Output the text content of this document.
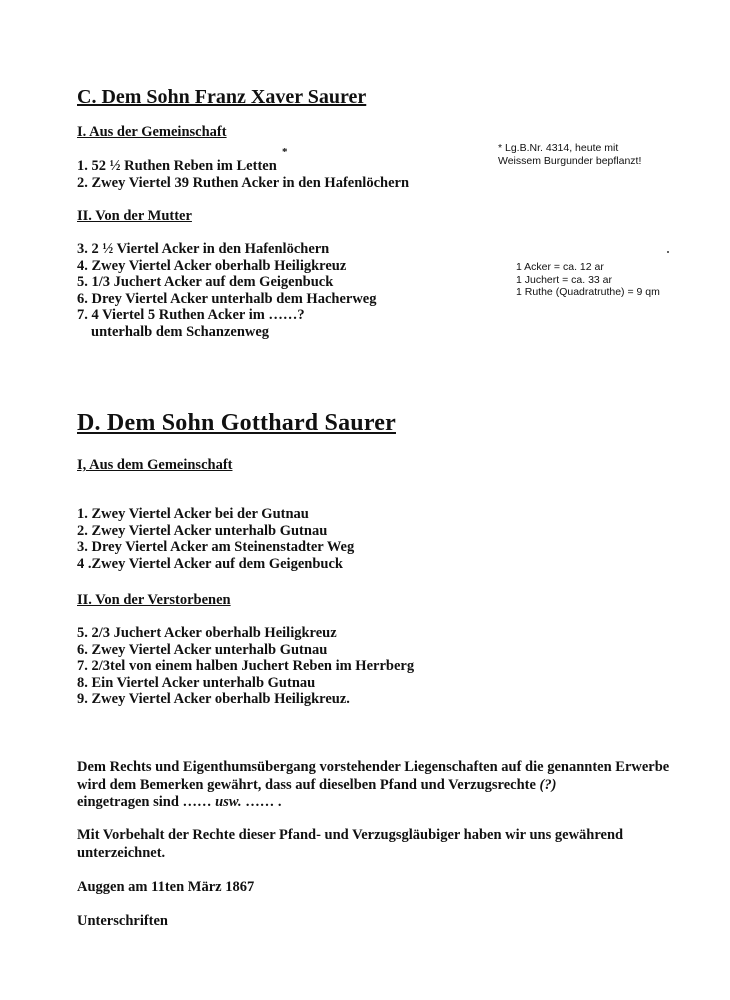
C. Dem Sohn Franz Xaver Saurer
I. Aus der Gemeinschaft
1. 52 ½ Ruthen Reben im Letten
*
2. Zwey Viertel 39 Ruthen Acker in den Hafenlöchern
* Lg.B.Nr. 4314, heute mit
Weissem Burgunder bepflanzt!
II. Von der Mutter
3. 2 ½ Viertel Acker in den Hafenlöchern
4. Zwey Viertel Acker oberhalb Heiligkreuz
5. 1/3 Juchert Acker auf dem Geigenbuck
6. Drey Viertel Acker unterhalb dem Hacherweg
7. 4 Viertel 5 Ruthen Acker im ……?
unterhalb dem Schanzenweg
1 Acker = ca. 12 ar
1 Juchert = ca. 33 ar
1 Ruthe (Quadratruthe) = 9 qm
D. Dem Sohn Gotthard Saurer
I, Aus dem Gemeinschaft
1. Zwey Viertel Acker bei der Gutnau
2. Zwey Viertel Acker unterhalb Gutnau
3. Drey Viertel Acker am Steinenstadter Weg
4 .Zwey Viertel Acker auf dem Geigenbuck
II. Von der Verstorbenen
5. 2/3 Juchert Acker oberhalb Heiligkreuz
6. Zwey Viertel Acker unterhalb Gutnau
7. 2/3tel von einem halben Juchert Reben im Herrberg
8. Ein Viertel Acker unterhalb Gutnau
9. Zwey Viertel Acker oberhalb Heiligkreuz.
Dem Rechts und Eigenthumsübergang vorstehender Liegenschaften auf die genannten Erwerbe wird dem Bemerken gewährt, dass auf dieselben Pfand und Verzugsrechte (?)
eingetragen sind …… usw. …… .
Mit Vorbehalt der Rechte dieser Pfand- und Verzugsgläubiger haben wir uns gewährend unterzeichnet.
Auggen am 11ten März 1867
Unterschriften
